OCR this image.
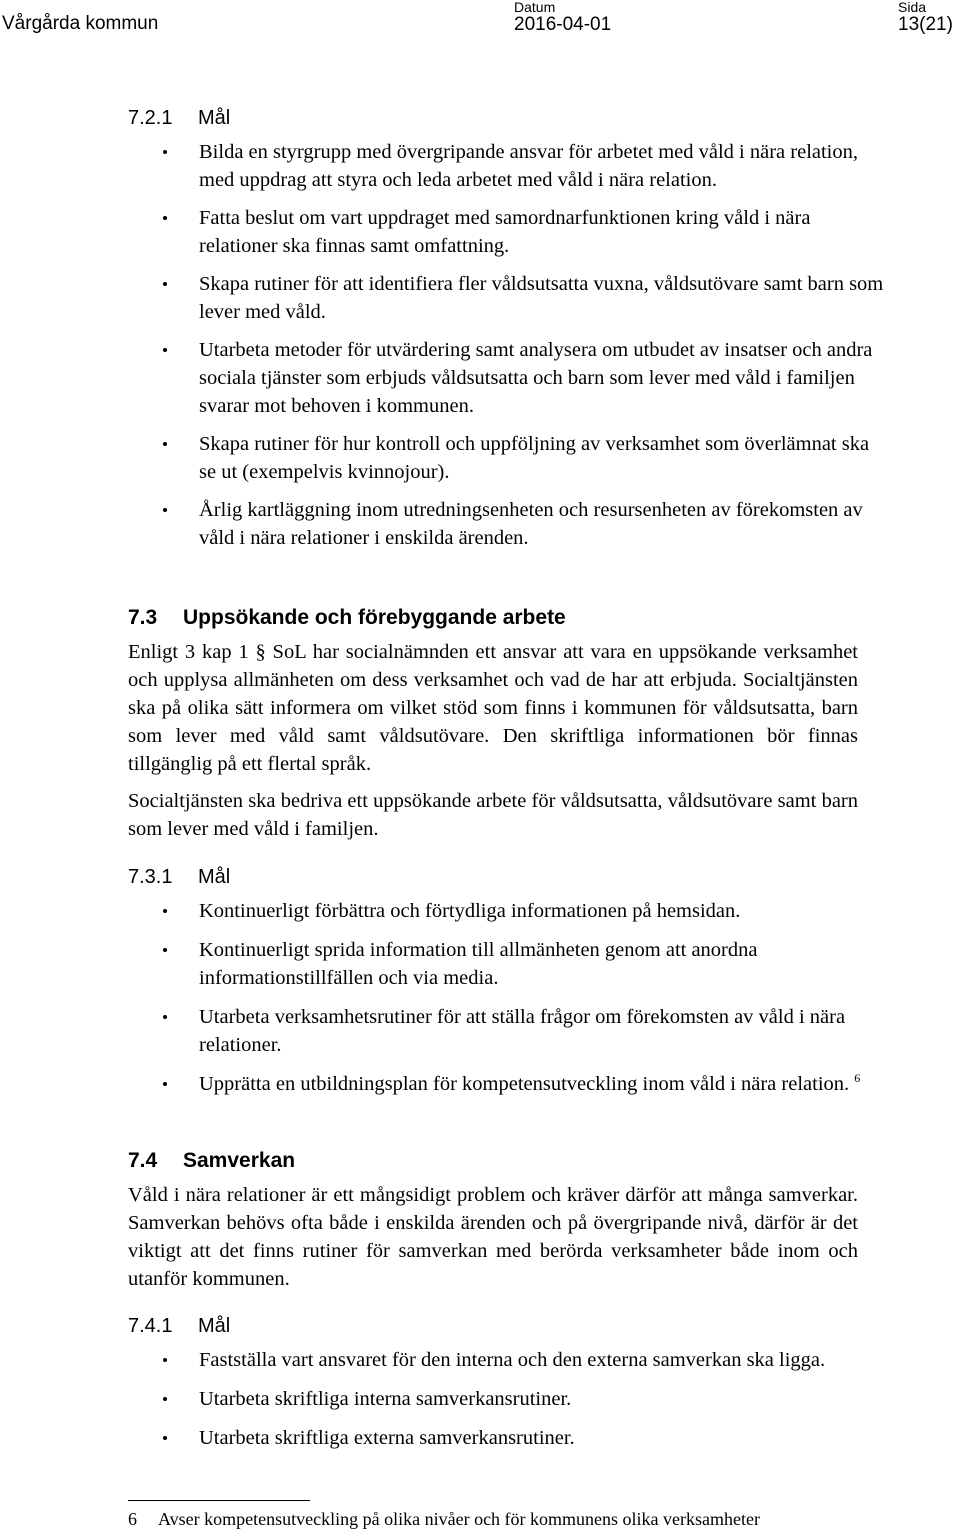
Vårgårda kommun
Datum
2016-04-01
Sida
13(21)
7.2.1 Mål
Bilda en styrgrupp med övergripande ansvar för arbetet med våld i nära relation, med uppdrag att styra och leda arbetet med våld i nära relation.
Fatta beslut om vart uppdraget med samordnarfunktionen kring våld i nära relationer ska finnas samt omfattning.
Skapa rutiner för att identifiera fler våldsutsatta vuxna, våldsutövare samt barn som lever med våld.
Utarbeta metoder för utvärdering samt analysera om utbudet av insatser och andra sociala tjänster som erbjuds våldsutsatta och barn som lever med våld i familjen svarar mot behoven i kommunen.
Skapa rutiner för hur kontroll och uppföljning av verksamhet som överlämnat ska se ut (exempelvis kvinnojour).
Årlig kartläggning inom utredningsenheten och resursenheten av förekomsten av våld i nära relationer i enskilda ärenden.
7.3 Uppsökande och förebyggande arbete
Enligt 3 kap 1 § SoL har socialnämnden ett ansvar att vara en uppsökande verksamhet och upplysa allmänheten om dess verksamhet och vad de har att erbjuda. Socialtjänsten ska på olika sätt informera om vilket stöd som finns i kommunen för våldsutsatta, barn som lever med våld samt våldsutövare. Den skriftliga informationen bör finnas tillgänglig på ett flertal språk.
Socialtjänsten ska bedriva ett uppsökande arbete för våldsutsatta, våldsutövare samt barn som lever med våld i familjen.
7.3.1 Mål
Kontinuerligt förbättra och förtydliga informationen på hemsidan.
Kontinuerligt sprida information till allmänheten genom att anordna informationstillfällen och via media.
Utarbeta verksamhetsrutiner för att ställa frågor om förekomsten av våld i nära relationer.
Upprätta en utbildningsplan för kompetensutveckling inom våld i nära relation. $^6$
7.4 Samverkan
Våld i nära relationer är ett mångsidigt problem och kräver därför att många samverkar. Samverkan behövs ofta både i enskilda ärenden och på övergripande nivå, därför är det viktigt att det finns rutiner för samverkan med berörda verksamheter både inom och utanför kommunen.
7.4.1 Mål
Fastställa vart ansvaret för den interna och den externa samverkan ska ligga.
Utarbeta skriftliga interna samverkansrutiner.
Utarbeta skriftliga externa samverkansrutiner.
6 Avser kompetensutveckling på olika nivåer och för kommunens olika verksamheter
